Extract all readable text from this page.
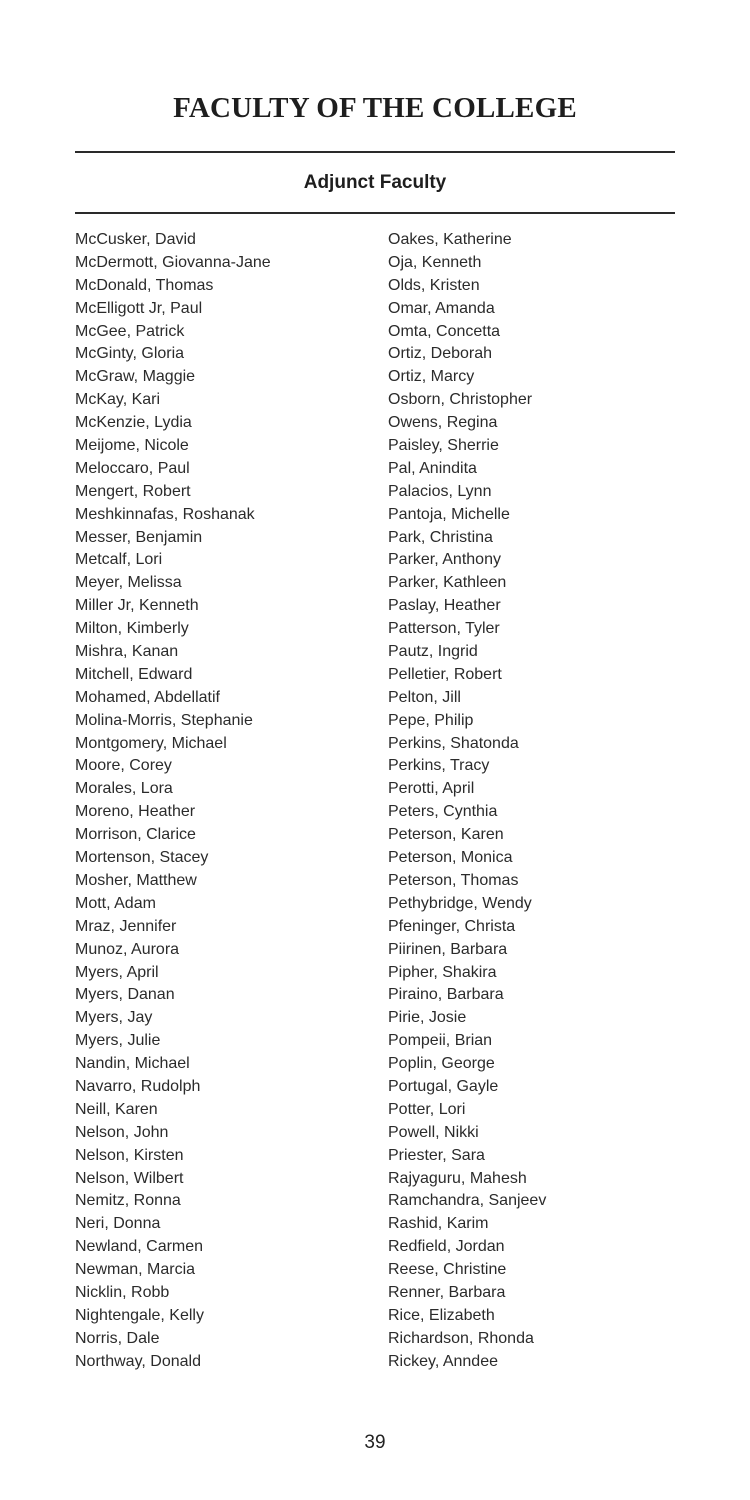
FACULTY OF THE COLLEGE
Adjunct Faculty
McCusker, David
McDermott, Giovanna-Jane
McDonald, Thomas
McElligott Jr, Paul
McGee, Patrick
McGinty, Gloria
McGraw, Maggie
McKay, Kari
McKenzie, Lydia
Meijome, Nicole
Meloccaro, Paul
Mengert, Robert
Meshkinnafas, Roshanak
Messer, Benjamin
Metcalf, Lori
Meyer, Melissa
Miller Jr, Kenneth
Milton, Kimberly
Mishra, Kanan
Mitchell, Edward
Mohamed, Abdellatif
Molina-Morris, Stephanie
Montgomery, Michael
Moore, Corey
Morales, Lora
Moreno, Heather
Morrison, Clarice
Mortenson, Stacey
Mosher, Matthew
Mott, Adam
Mraz, Jennifer
Munoz, Aurora
Myers, April
Myers, Danan
Myers, Jay
Myers, Julie
Nandin, Michael
Navarro, Rudolph
Neill, Karen
Nelson, John
Nelson, Kirsten
Nelson, Wilbert
Nemitz, Ronna
Neri, Donna
Newland, Carmen
Newman, Marcia
Nicklin, Robb
Nightengale, Kelly
Norris, Dale
Northway, Donald
Oakes, Katherine
Oja, Kenneth
Olds, Kristen
Omar, Amanda
Omta, Concetta
Ortiz, Deborah
Ortiz, Marcy
Osborn, Christopher
Owens, Regina
Paisley, Sherrie
Pal, Anindita
Palacios, Lynn
Pantoja, Michelle
Park, Christina
Parker, Anthony
Parker, Kathleen
Paslay, Heather
Patterson, Tyler
Pautz, Ingrid
Pelletier, Robert
Pelton, Jill
Pepe, Philip
Perkins, Shatonda
Perkins, Tracy
Perotti, April
Peters, Cynthia
Peterson, Karen
Peterson, Monica
Peterson, Thomas
Pethybridge, Wendy
Pfeninger, Christa
Piirinen, Barbara
Pipher, Shakira
Piraino, Barbara
Pirie, Josie
Pompeii, Brian
Poplin, George
Portugal, Gayle
Potter, Lori
Powell, Nikki
Priester, Sara
Rajyaguru, Mahesh
Ramchandra, Sanjeev
Rashid, Karim
Redfield, Jordan
Reese, Christine
Renner, Barbara
Rice, Elizabeth
Richardson, Rhonda
Rickey, Anndee
39
